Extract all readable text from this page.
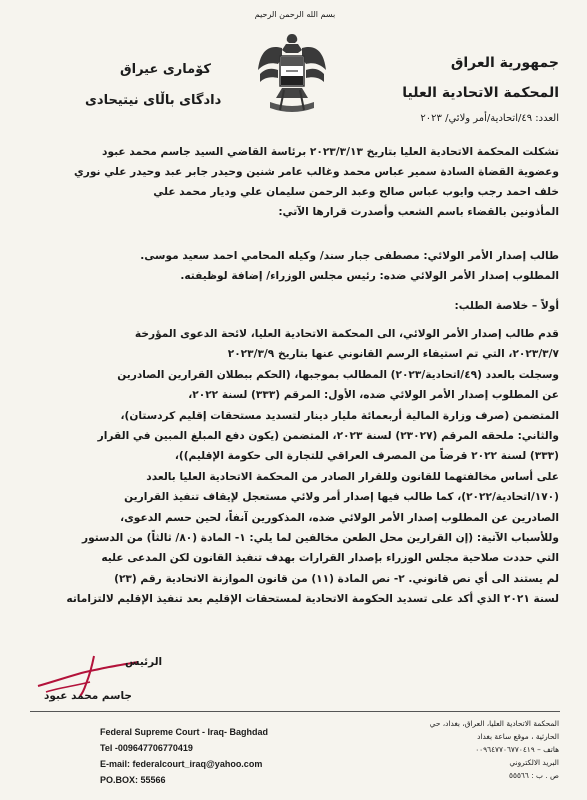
بسم الله الرحمن الرحيم
جمهورية العراق
المحكمة الاتحادية العليا
العدد: ٤٩/اتحادية/أمر ولائي/ ٢٠٢٣
كۆمارى عيراق
دادگاى باڵاى نيتيحادى
تشكلت المحكمة الاتحادية العليا بتاريخ ٢٠٢٣/٣/١٣ برئاسة القاضي السيد جاسم محمد عبود
وعضوية القضاة السادة سمير عباس محمد وغالب عامر شنين وحيدر جابر عبد وحيدر علي نوري
خلف احمد رجب وايوب عباس صالح وعبد الرحمن سليمان علي وديار محمد علي
المأذونين بالقضاء باسم الشعب وأصدرت قرارها الآتي:
طالب إصدار الأمر الولائي: مصطفى جبار سند/ وكيله المحامي احمد سعيد موسى.
المطلوب إصدار الأمر الولائي ضده: رئيس مجلس الوزراء/ إضافة لوظيفته.
أولاً – خلاصة الطلب:
قدم طالب إصدار الأمر الولائي، الى المحكمة الاتحادية العليا، لائحة الدعوى المؤرخة
٢٠٢٣/٣/٧، التي تم استيفاء الرسم القانوني عنها بتاريخ ٢٠٢٣/٣/٩
وسجلت بالعدد (٤٩/اتحادية/٢٠٢٣) المطالب بموجبها، (الحكم ببطلان القرارين الصادرين
عن المطلوب إصدار الأمر الولائي ضده، الأول: المرقم (٣٣٣) لسنة ٢٠٢٢،
المتضمن (صرف وزارة المالية أربعمائة مليار دينار لتسديد مستحقات إقليم كردستان)،
والثاني: ملحقه المرقم (٢٣٠٢٧) لسنة ٢٠٢٣، المتضمن (يكون دفع المبلغ المبين في القرار
(٣٣٣) لسنة ٢٠٢٢ قرضاً من المصرف العراقي للتجارة الى حكومة الإقليم))،
على أساس مخالفتهما للقانون وللقرار الصادر من المحكمة الاتحادية العليا بالعدد
(١٧٠/اتحادية/٢٠٢٢)، كما طالب فيها إصدار أمر ولائي مستعجل لإيقاف تنفيذ القرارين
الصادرين عن المطلوب إصدار الأمر الولائي ضده، المذكورين آنفاً، لحين حسم الدعوى،
وللأسباب الآتية: (إن القرارين محل الطعن مخالفين لما يلي: ١- المادة (٨٠/ ثالثاً) من الدستور
التي حددت صلاحية مجلس الوزراء بإصدار القرارات بهدف تنفيذ القانون لكن المدعى عليه
لم يستند الى أي نص قانوني. ٢- نص المادة (١١) من قانون الموازنة الاتحادية رقم (٢٣)
لسنة ٢٠٢١ الذي أكد على تسديد الحكومة الاتحادية لمستحقات الإقليم بعد تنفيذ الإقليم لالتزاماته
الرئيس
جاسم محمد عبود
Federal Supreme Court - Iraq- Baghdad
Tel -009647706770419
E-mail: federalcourt_iraq@yahoo.com
PO.BOX: 55566
المحكمة الاتحادية العليا، العراق، بغداد، حي الحارثية ، موقع ساعة بغداد
هاتف – ٠٠٩٦٤٧٧٠٦٧٧٠٤١٩
البريد الالكتروني
ص . ب : ٥٥٥٦٦
